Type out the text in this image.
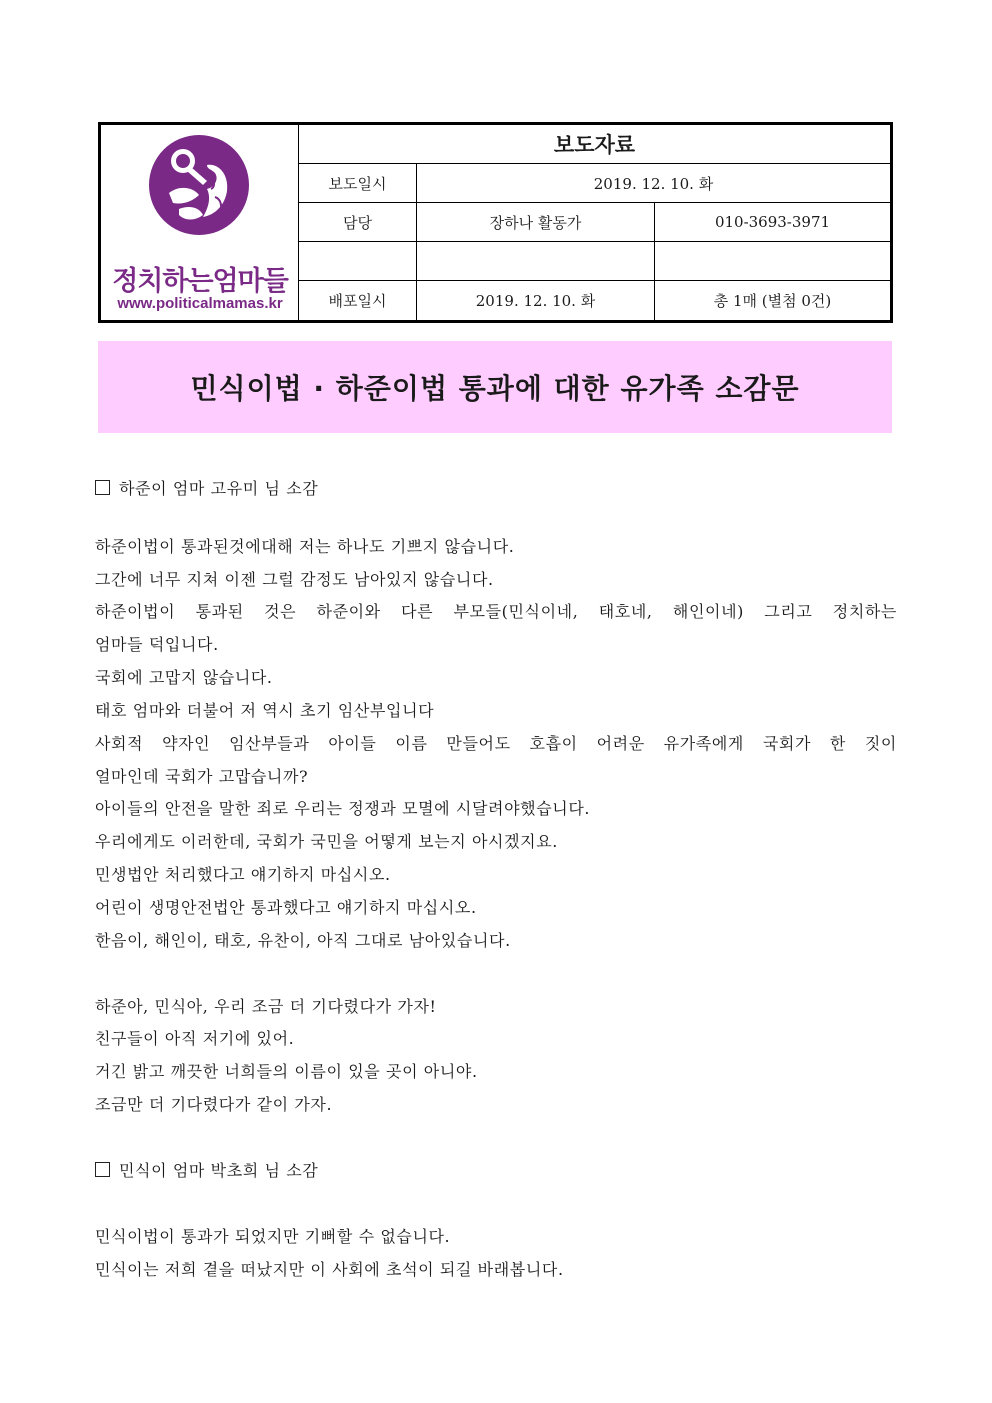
정치하는엄마들
www.politicalmamas.kr
보도자료
보도일시	2019. 12. 10. 화
담당	장하나 활동가	010-3693-3971
배포일시	2019. 12. 10. 화	총 1매 (별첨 0건)
민식이법 · 하준이법 통과에 대한 유가족 소감문
하준이 엄마 고유미 님 소감
하준이법이 통과된것에대해 저는 하나도 기쁘지 않습니다.
그간에 너무 지쳐 이젠 그럴 감정도 남아있지 않습니다.
하준이법이 통과된 것은 하준이와 다른 부모들(민식이네, 태호네, 해인이네) 그리고 정치하는
엄마들 덕입니다.
국회에 고맙지 않습니다.
태호 엄마와 더불어 저 역시 초기 임산부입니다
사회적 약자인 임산부들과 아이들 이름 만들어도 호흡이 어려운 유가족에게 국회가 한 짓이
얼마인데 국회가 고맙습니까?
아이들의 안전을 말한 죄로 우리는 정쟁과 모멸에 시달려야했습니다.
우리에게도 이러한데, 국회가 국민을 어떻게 보는지 아시겠지요.
민생법안 처리했다고 얘기하지 마십시오.
어린이 생명안전법안 통과했다고 얘기하지 마십시오.
한음이, 해인이, 태호, 유찬이, 아직 그대로 남아있습니다.
하준아, 민식아, 우리 조금 더 기다렸다가 가자!
친구들이 아직 저기에 있어.
거긴 밝고 깨끗한 너희들의 이름이 있을 곳이 아니야.
조금만 더 기다렸다가 같이 가자.
민식이 엄마 박초희 님 소감
민식이법이 통과가 되었지만 기뻐할 수 없습니다.
민식이는 저희 곁을 떠났지만 이 사회에 초석이 되길 바래봅니다.
